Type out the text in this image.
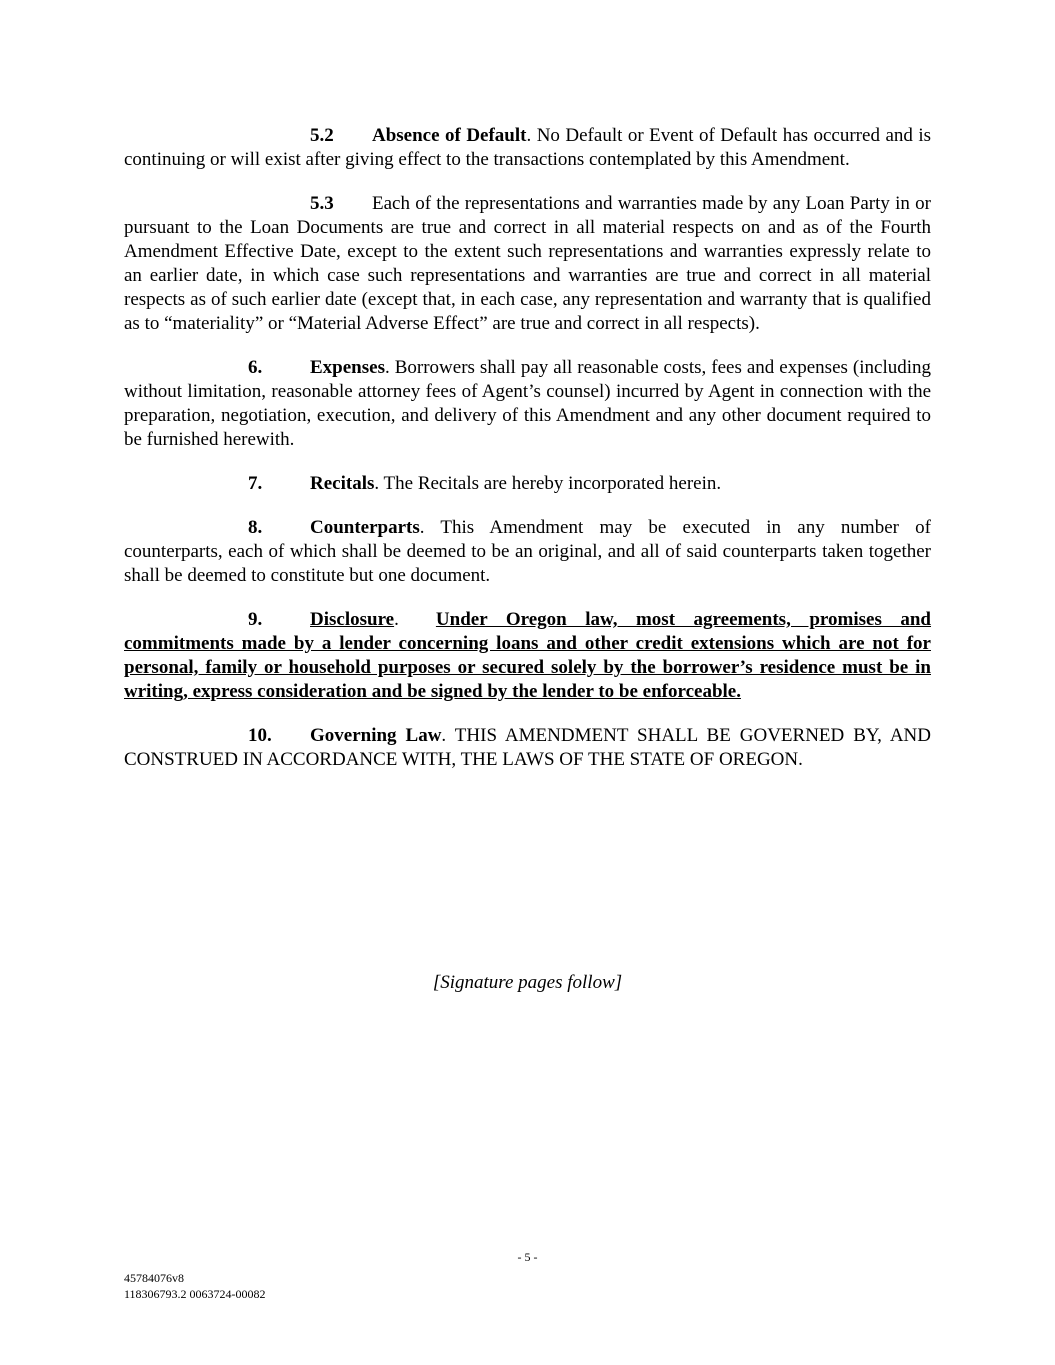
5.2 Absence of Default. No Default or Event of Default has occurred and is continuing or will exist after giving effect to the transactions contemplated by this Amendment.

5.3 Each of the representations and warranties made by any Loan Party in or pursuant to the Loan Documents are true and correct in all material respects on and as of the Fourth Amendment Effective Date, except to the extent such representations and warranties expressly relate to an earlier date, in which case such representations and warranties are true and correct in all material respects as of such earlier date (except that, in each case, any representation and warranty that is qualified as to “materiality” or “Material Adverse Effect” are true and correct in all respects).

6.	Expenses. Borrowers shall pay all reasonable costs, fees and expenses (including without limitation, reasonable attorney fees of Agent’s counsel) incurred by Agent in connection with the preparation, negotiation, execution, and delivery of this Amendment and any other document required to be furnished herewith.

7.	Recitals. The Recitals are hereby incorporated herein.

8.	Counterparts. This Amendment may be executed in any number of counterparts, each of which shall be deemed to be an original, and all of said counterparts taken together shall be deemed to constitute but one document.

9.	Disclosure.  Under Oregon law, most agreements, promises and commitments made by a lender concerning loans and other credit extensions which are not for personal, family or household purposes or secured solely by the borrower’s residence must be in writing, express consideration and be signed by the lender to be enforceable.

10. Governing Law. THIS AMENDMENT SHALL BE GOVERNED BY, AND CONSTRUED IN ACCORDANCE WITH, THE LAWS OF THE STATE OF OREGON.

[Signature pages follow]
- 5 -
45784076v8
118306793.2 0063724-00082
